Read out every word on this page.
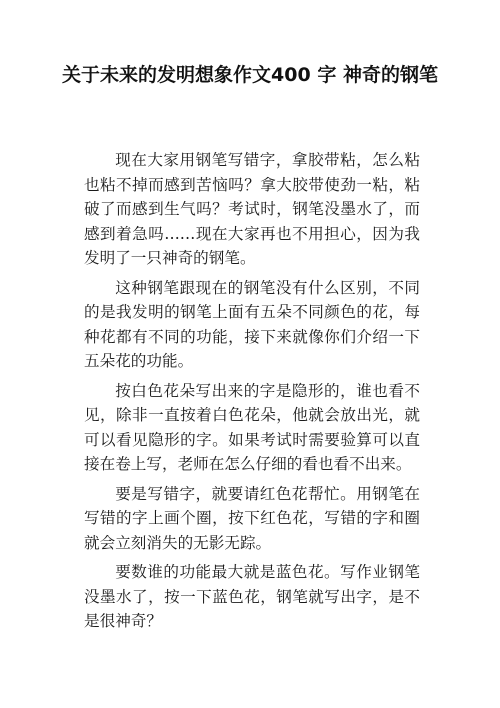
关于未来的发明想象作文400 字 神奇的钢笔

现在大家用钢笔写错字，拿胶带粘，怎么粘也粘不掉而感到苦恼吗？拿大胶带使劲一粘，粘破了而感到生气吗？考试时，钢笔没墨水了，而感到着急吗……现在大家再也不用担心，因为我发明了一只神奇的钢笔。

这种钢笔跟现在的钢笔没有什么区别，不同的是我发明的钢笔上面有五朵不同颜色的花，每种花都有不同的功能，接下来就像你们介绍一下五朵花的功能。

按白色花朵写出来的字是隐形的，谁也看不见，除非一直按着白色花朵，他就会放出光，就可以看见隐形的字。如果考试时需要验算可以直接在卷上写，老师在怎么仔细的看也看不出来。

要是写错字，就要请红色花帮忙。用钢笔在写错的字上画个圈，按下红色花，写错的字和圈就会立刻消失的无影无踪。

要数谁的功能最大就是蓝色花。写作业钢笔没墨水了，按一下蓝色花，钢笔就写出字，是不是很神奇？
